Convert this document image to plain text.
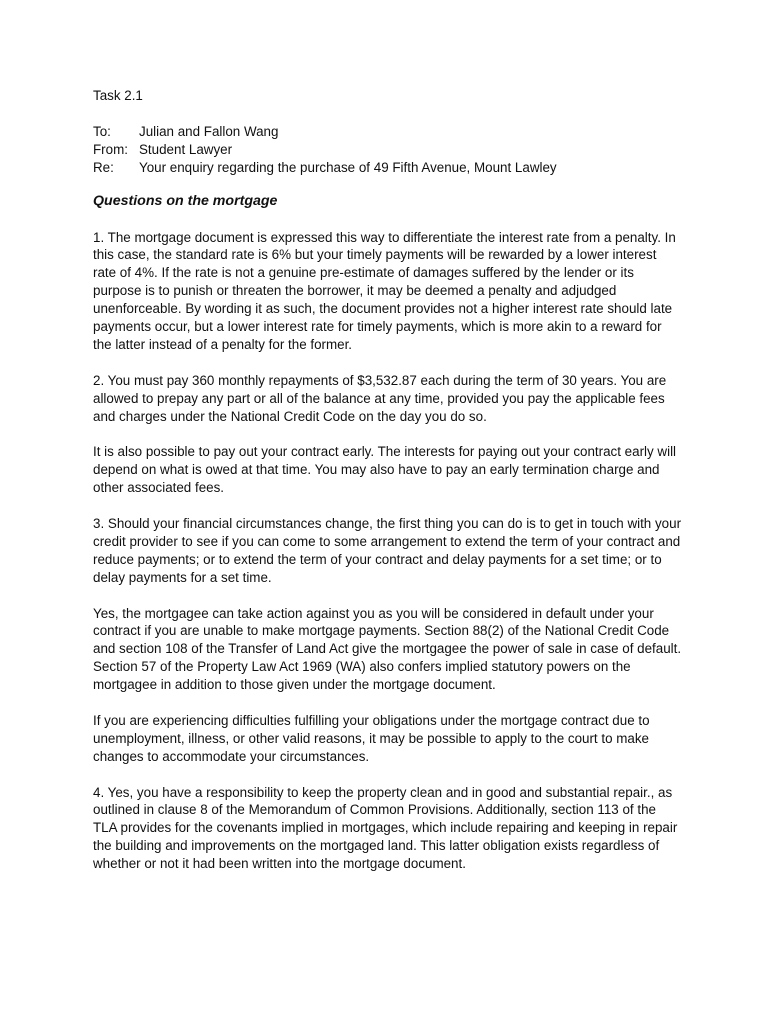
Task 2.1
To:	Julian and Fallon Wang
From: Student Lawyer
Re:	Your enquiry regarding the purchase of 49 Fifth Avenue, Mount Lawley
Questions on the mortgage

1. The mortgage document is expressed this way to differentiate the interest rate from a penalty. In this case, the standard rate is 6% but your timely payments will be rewarded by a lower interest rate of 4%. If the rate is not a genuine pre-estimate of damages suffered by the lender or its purpose is to punish or threaten the borrower, it may be deemed a penalty and adjudged unenforceable. By wording it as such, the document provides not a higher interest rate should late payments occur, but a lower interest rate for timely payments, which is more akin to a reward for the latter instead of a penalty for the former.

2. You must pay 360 monthly repayments of $3,532.87 each during the term of 30 years. You are allowed to prepay any part or all of the balance at any time, provided you pay the applicable fees and charges under the National Credit Code on the day you do so.

It is also possible to pay out your contract early. The interests for paying out your contract early will depend on what is owed at that time. You may also have to pay an early termination charge and other associated fees.

3. Should your financial circumstances change, the first thing you can do is to get in touch with your credit provider to see if you can come to some arrangement to extend the term of your contract and reduce payments; or to extend the term of your contract and delay payments for a set time; or to delay payments for a set time.

Yes, the mortgagee can take action against you as you will be considered in default under your contract if you are unable to make mortgage payments. Section 88(2) of the National Credit Code and section 108 of the Transfer of Land Act give the mortgagee the power of sale in case of default. Section 57 of the Property Law Act 1969 (WA) also confers implied statutory powers on the mortgagee in addition to those given under the mortgage document.

If you are experiencing difficulties fulfilling your obligations under the mortgage contract due to unemployment, illness, or other valid reasons, it may be possible to apply to the court to make changes to accommodate your circumstances.

4. Yes, you have a responsibility to keep the property clean and in good and substantial repair., as outlined in clause 8 of the Memorandum of Common Provisions. Additionally, section 113 of the TLA provides for the covenants implied in mortgages, which include repairing and keeping in repair the building and improvements on the mortgaged land. This latter obligation exists regardless of whether or not it had been written into the mortgage document.
